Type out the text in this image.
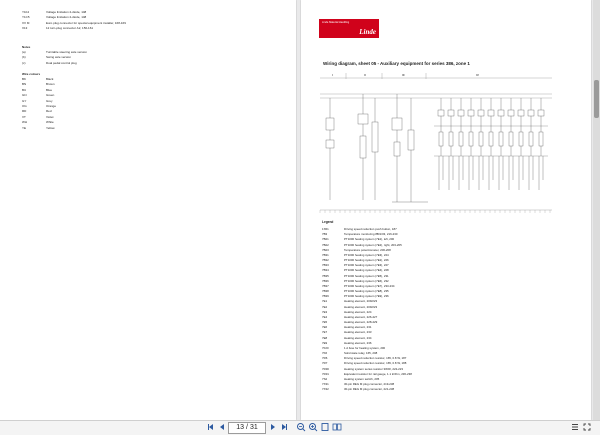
Y1b4	Voltage limitation 2-diode, 148
Y1C5	Voltage limitation 2-diode, 148
XV M	Euro plug connector for special equipment installer, 168-169
X13	12 turn-plug connector A2, 156-161
Notes
(a)	Turntable steering axle version
(b)	Swing axle version
(c)	Dual pedal control plug
Wire colours
BK	Black
BN	Brown
BU	Blue
GN	Green
GY	Grey
OG	Orange
RD	Red
VT	Violet
WH	White
YE	Yellow
Linde Material Handling
Linde
Wiring diagram, sheet 05 - Auxiliary equipment for series 386, zone 1
I	II	III	IV
Legend
1S51	Driving speed reduction push button, 187
7B3	Temperature monitoring 8B/1/03, 216-230
7B21	PT1000 heating system (7E1), left, 200
7B22	PT1000 heating system (7E2), right, 203-205
7B23	Temperature potentiometer, 206-208
7B31	PT1000 heating system (7E3), 224
7B32	PT1000 heating system (7E2), 226
7B33	PT1000 heating system (7E3), 227
7B34	PT1000 heating system (7E4), 228
7B35	PT1000 heating system (7E5), 231
7B36	PT1000 heating system (7E6), 232
7B37	PT1000 heating system (7E7), 233-234
7B38	PT1000 heating system (7E8), 235
7B39	PT1000 heating system (7E9), 236
7E1	Heating element, 209/223
7E2	Heating element, 209/223
7E3	Heating element, 224
7E4	Heating element, 226-227
7E5	Heating element, 228-229
7E6	Heating element, 231
7E7	Heating element, 233
7E8	Heating element, 234
7E9	Heating element, 236
7F20	1 A fuse for heating system, 200
7K6	Solid state relay, 165, 208
7R6	Driving speed reduction resistor, 165, 0.8 W, 187
7R7	Driving speed reduction resistor, 165, 0.8 W, 188
7R30	Heating system series resistor 3W/R, 222-223
7R31	Equivalent resistor for rail gauge, 1.1 kOhm, 236-238
7S2	Heating system switch, 205
7X31	30-pin REG M plug connector, 219-238
7X32	30-pin REG M plug connector, 221-238
13 / 31
